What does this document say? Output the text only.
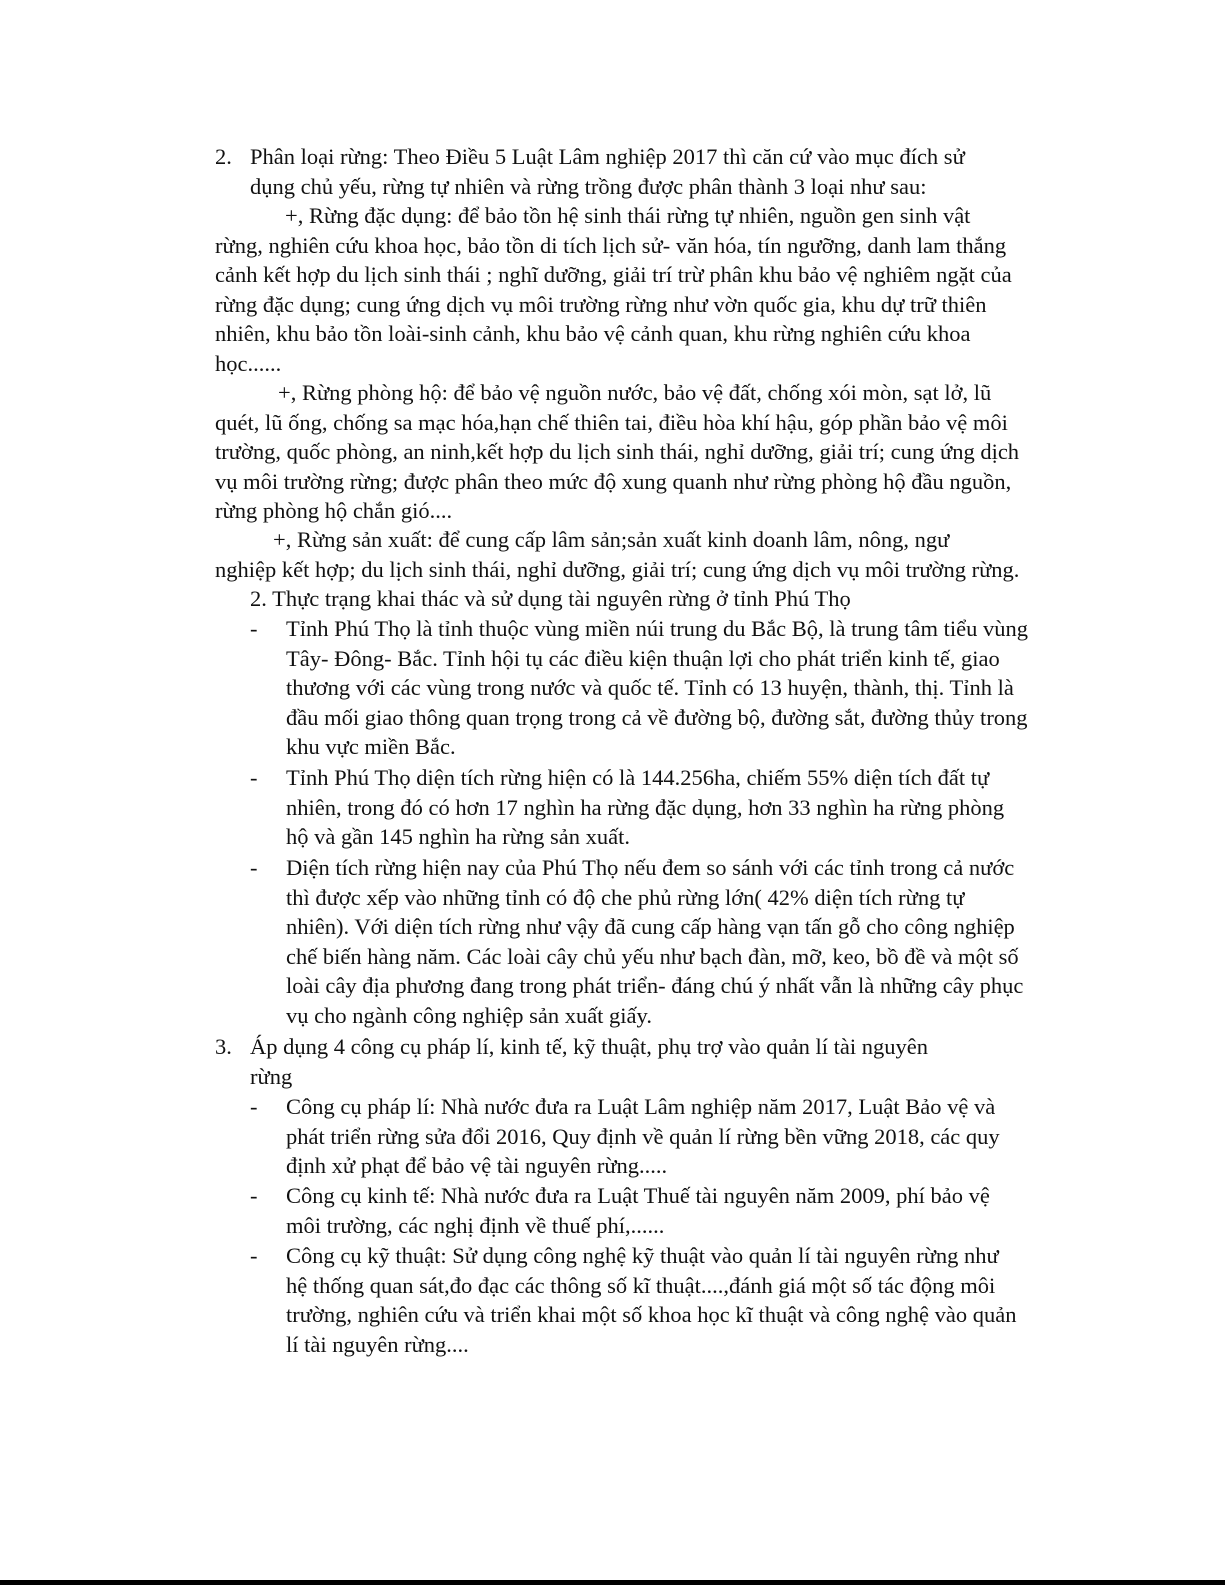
2. Phân loại rừng: Theo Điều 5 Luật Lâm nghiệp 2017 thì căn cứ vào mục đích sử
dụng chủ yếu, rừng tự nhiên và rừng trồng được phân thành 3 loại như sau:
+, Rừng đặc dụng: để bảo tồn hệ sinh thái rừng tự nhiên, nguồn gen sinh vật
rừng, nghiên cứu khoa học, bảo tồn di tích lịch sử- văn hóa, tín ngưỡng, danh lam thắng
cảnh kết hợp du lịch sinh thái ; nghĩ dưỡng, giải trí trừ phân khu bảo vệ nghiêm ngặt của
rừng đặc dụng; cung ứng dịch vụ môi trường rừng như vờn quốc gia, khu dự trữ thiên
nhiên, khu bảo tồn loài-sinh cảnh, khu bảo vệ cảnh quan, khu rừng nghiên cứu khoa
học......
+, Rừng phòng hộ: để bảo vệ nguồn nước, bảo vệ đất, chống xói mòn, sạt lở, lũ
quét, lũ ống, chống sa mạc hóa,hạn chế thiên tai, điều hòa khí hậu, góp phần bảo vệ môi
trường, quốc phòng, an ninh,kết hợp du lịch sinh thái, nghỉ dưỡng, giải trí; cung ứng dịch
vụ môi trường rừng; được phân theo mức độ xung quanh như rừng phòng hộ đầu nguồn,
rừng phòng hộ chắn gió....
+, Rừng sản xuất: để cung cấp lâm sản;sản xuất kinh doanh lâm, nông, ngư
nghiệp kết hợp; du lịch sinh thái, nghỉ dưỡng, giải trí; cung ứng dịch vụ môi trường rừng.
2. Thực trạng khai thác và sử dụng tài nguyên rừng ở tỉnh Phú Thọ
- Tỉnh Phú Thọ là tỉnh thuộc vùng miền núi trung du Bắc Bộ, là trung tâm tiểu vùng
Tây- Đông- Bắc. Tỉnh hội tụ các điều kiện thuận lợi cho phát triển kinh tế, giao
thương với các vùng trong nước và quốc tế. Tỉnh có 13 huyện, thành, thị. Tỉnh là
đầu mối giao thông quan trọng trong cả về đường bộ, đường sắt, đường thủy trong
khu vực miền Bắc.
- Tỉnh Phú Thọ diện tích rừng hiện có là 144.256ha, chiếm 55% diện tích đất tự
nhiên, trong đó có hơn 17 nghìn ha rừng đặc dụng, hơn 33 nghìn ha rừng phòng
hộ và gần 145 nghìn ha rừng sản xuất.
- Diện tích rừng hiện nay của Phú Thọ nếu đem so sánh với các tỉnh trong cả nước
thì được xếp vào những tỉnh có độ che phủ rừng lớn( 42% diện tích rừng tự
nhiên). Với diện tích rừng như vậy đã cung cấp hàng vạn tấn gỗ cho công nghiệp
chế biến hàng năm. Các loài cây chủ yếu như bạch đàn, mỡ, keo, bồ đề và một số
loài cây địa phương đang trong phát triển- đáng chú ý nhất vẫn là những cây phục
vụ cho ngành công nghiệp sản xuất giấy.
3. Áp dụng 4 công cụ pháp lí, kinh tế, kỹ thuật, phụ trợ vào quản lí tài nguyên
rừng
- Công cụ pháp lí: Nhà nước đưa ra Luật Lâm nghiệp năm 2017, Luật Bảo vệ và
phát triển rừng sửa đổi 2016, Quy định về quản lí rừng bền vững 2018, các quy
định xử phạt để bảo vệ tài nguyên rừng.....
- Công cụ kinh tế: Nhà nước đưa ra Luật Thuế tài nguyên năm 2009, phí bảo vệ
môi trường, các nghị định về thuế phí,......
- Công cụ kỹ thuật: Sử dụng công nghệ kỹ thuật vào quản lí tài nguyên rừng như
hệ thống quan sát,đo đạc các thông số kĩ thuật....,đánh giá một số tác động môi
trường, nghiên cứu và triển khai một số khoa học kĩ thuật và công nghệ vào quản
lí tài nguyên rừng....
